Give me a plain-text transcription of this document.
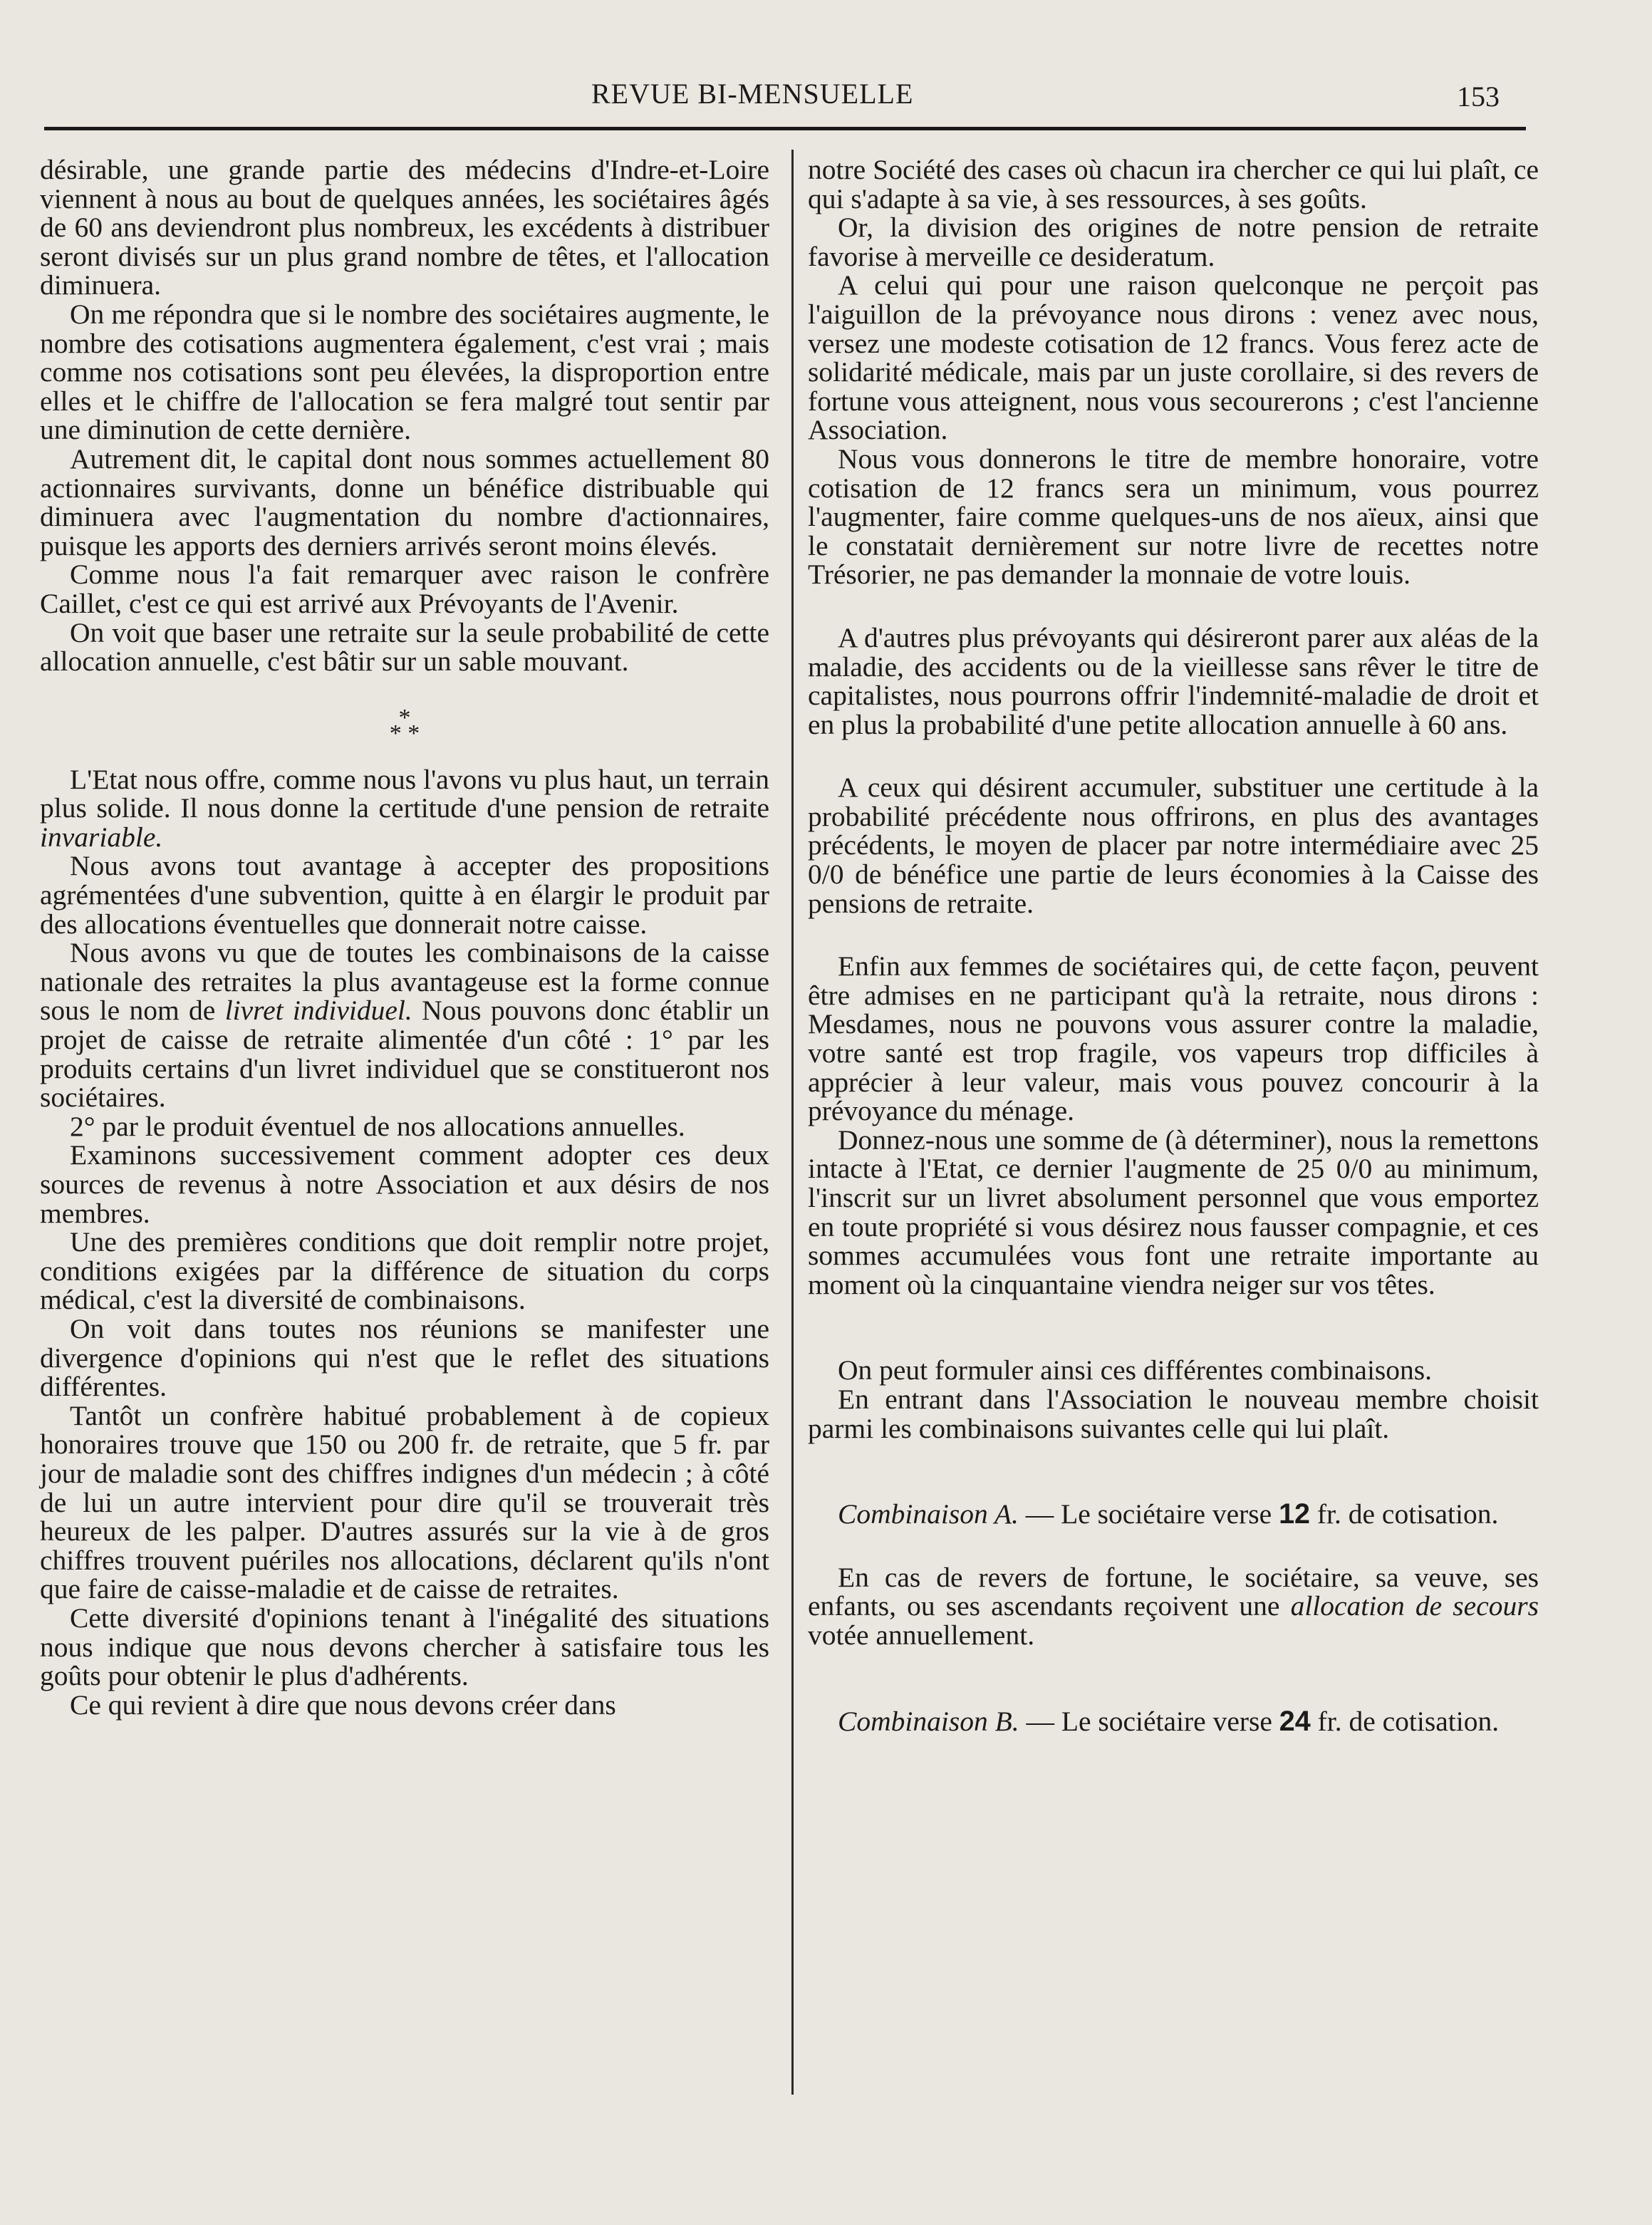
REVUE BI-MENSUELLE	153

désirable, une grande partie des médecins d'Indre-et-Loire viennent à nous au bout de quelques années, les sociétaires âgés de 60 ans deviendront plus nombreux, les excédents à distribuer seront divisés sur un plus grand nombre de têtes, et l'allocation diminuera.

On me répondra que si le nombre des sociétaires augmente, le nombre des cotisations augmentera également, c'est vrai ; mais comme nos cotisations sont peu élevées, la disproportion entre elles et le chiffre de l'allocation se fera malgré tout sentir par une diminution de cette dernière.

Autrement dit, le capital dont nous sommes actuellement 80 actionnaires survivants, donne un bénéfice distribuable qui diminuera avec l'augmentation du nombre d'actionnaires, puisque les apports des derniers arrivés seront moins élevés.

Comme nous l'a fait remarquer avec raison le confrère Caillet, c'est ce qui est arrivé aux Prévoyants de l'Avenir.

On voit que baser une retraite sur la seule probabilité de cette allocation annuelle, c'est bâtir sur un sable mouvant.

*
* *

L'Etat nous offre, comme nous l'avons vu plus haut, un terrain plus solide. Il nous donne la certitude d'une pension de retraite invariable.

Nous avons tout avantage à accepter des propositions agrémentées d'une subvention, quitte à en élargir le produit par des allocations éventuelles que donnerait notre caisse.

Nous avons vu que de toutes les combinaisons de la caisse nationale des retraites la plus avantageuse est la forme connue sous le nom de livret individuel. Nous pouvons donc établir un projet de caisse de retraite alimentée d'un côté : 1° par les produits certains d'un livret individuel que se constitueront nos sociétaires.

2° par le produit éventuel de nos allocations annuelles.

Examinons successivement comment adopter ces deux sources de revenus à notre Association et aux désirs de nos membres.

Une des premières conditions que doit remplir notre projet, conditions exigées par la différence de situation du corps médical, c'est la diversité de combinaisons.

On voit dans toutes nos réunions se manifester une divergence d'opinions qui n'est que le reflet des situations différentes.

Tantôt un confrère habitué probablement à de copieux honoraires trouve que 150 ou 200 fr. de retraite, que 5 fr. par jour de maladie sont des chiffres indignes d'un médecin ; à côté de lui un autre intervient pour dire qu'il se trouverait très heureux de les palper. D'autres assurés sur la vie à de gros chiffres trouvent puériles nos allocations, déclarent qu'ils n'ont que faire de caisse-maladie et de caisse de retraites.

Cette diversité d'opinions tenant à l'inégalité des situations nous indique que nous devons chercher à satisfaire tous les goûts pour obtenir le plus d'adhérents.

Ce qui revient à dire que nous devons créer dans

notre Société des cases où chacun ira chercher ce qui lui plaît, ce qui s'adapte à sa vie, à ses ressources, à ses goûts.

Or, la division des origines de notre pension de retraite favorise à merveille ce desideratum.

A celui qui pour une raison quelconque ne perçoit pas l'aiguillon de la prévoyance nous dirons : venez avec nous, versez une modeste cotisation de 12 francs. Vous ferez acte de solidarité médicale, mais par un juste corollaire, si des revers de fortune vous atteignent, nous vous secourerons ; c'est l'ancienne Association.

Nous vous donnerons le titre de membre honoraire, votre cotisation de 12 francs sera un minimum, vous pourrez l'augmenter, faire comme quelques-uns de nos aïeux, ainsi que le constatait dernièrement sur notre livre de recettes notre Trésorier, ne pas demander la monnaie de votre louis.

A d'autres plus prévoyants qui désireront parer aux aléas de la maladie, des accidents ou de la vieillesse sans rêver le titre de capitalistes, nous pourrons offrir l'indemnité-maladie de droit et en plus la probabilité d'une petite allocation annuelle à 60 ans.

A ceux qui désirent accumuler, substituer une certitude à la probabilité précédente nous offrirons, en plus des avantages précédents, le moyen de placer par notre intermédiaire avec 25 0/0 de bénéfice une partie de leurs économies à la Caisse des pensions de retraite.

Enfin aux femmes de sociétaires qui, de cette façon, peuvent être admises en ne participant qu'à la retraite, nous dirons : Mesdames, nous ne pouvons vous assurer contre la maladie, votre santé est trop fragile, vos vapeurs trop difficiles à apprécier à leur valeur, mais vous pouvez concourir à la prévoyance du ménage.

Donnez-nous une somme de (à déterminer), nous la remettons intacte à l'Etat, ce dernier l'augmente de 25 0/0 au minimum, l'inscrit sur un livret absolument personnel que vous emportez en toute propriété si vous désirez nous fausser compagnie, et ces sommes accumulées vous font une retraite importante au moment où la cinquantaine viendra neiger sur vos têtes.

On peut formuler ainsi ces différentes combinaisons.

En entrant dans l'Association le nouveau membre choisit parmi les combinaisons suivantes celle qui lui plaît.

Combinaison A. — Le sociétaire verse 12 fr. de cotisation.

En cas de revers de fortune, le sociétaire, sa veuve, ses enfants, ou ses ascendants reçoivent une allocation de secours votée annuellement.

Combinaison B. — Le sociétaire verse 24 fr. de cotisation.
